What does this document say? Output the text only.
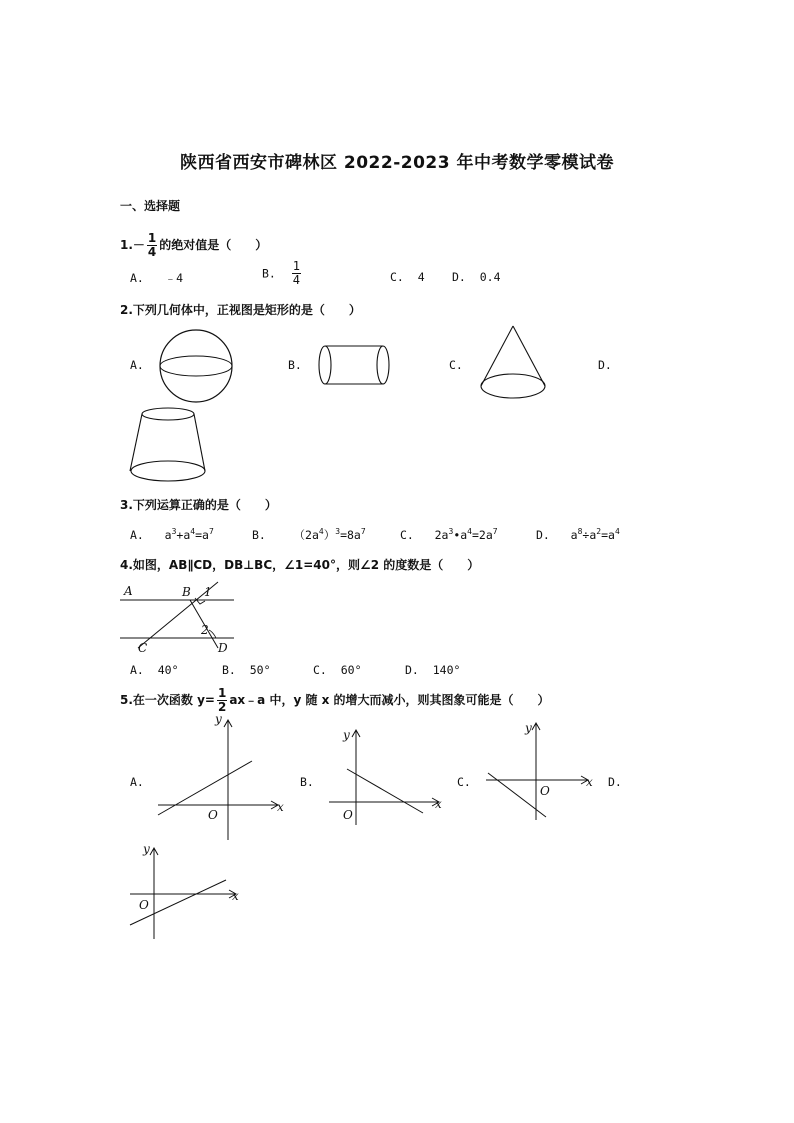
陕西省西安市碑林区 2022-2023 年中考数学零模试卷
一、选择题
$1.- \frac{1}{4}$ 的绝对值是（　　）
A. ﹣4	B. $\frac{1}{4}$	C. 4 D. 0.4
2.下列几何体中，正视图是矩形的是（　　）
A.	B.	C.	D.
3.下列运算正确的是（　　）
A.   $a^3+a^4=a^7$	B.    $(2a^4)^3=8a^7$	C.   $2a^3•a^4=2a^7$	D.   $a^8\div a^2=a^4$
4.如图，AB∥CD，DB⊥BC，∠1=40°，则∠2 的度数是（　　）
A	B 1
2
C	D
A. 40°	B. 50°	C. 60°	D. 140°
5.在一次函数 $y= \frac{1}{2}$ ax﹣a 中，y 随 x 的增大而减小，则其图象可能是（　　）
A.	B.	C.	D.
y
x
O
y
x
O
y
x
O
y
x
O
